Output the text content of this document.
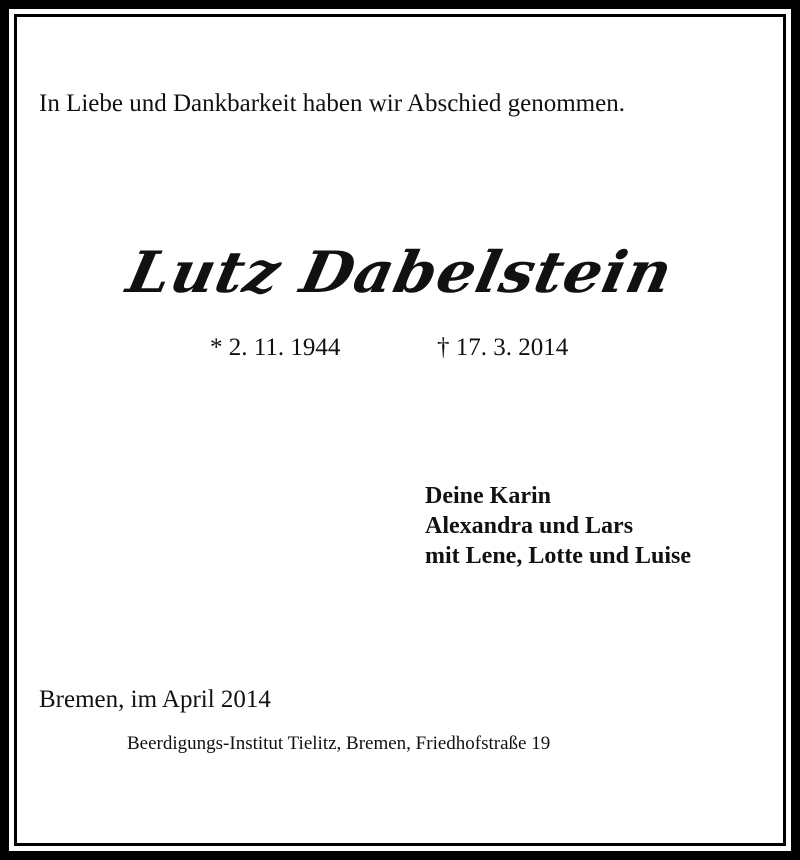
In Liebe und Dankbarkeit haben wir Abschied genommen.
Lutz Dabelstein
* 2. 11. 1944	† 17. 3. 2014
Deine Karin
Alexandra und Lars
mit Lene, Lotte und Luise
Bremen, im April 2014
Beerdigungs-Institut Tielitz, Bremen, Friedhofstraße 19
